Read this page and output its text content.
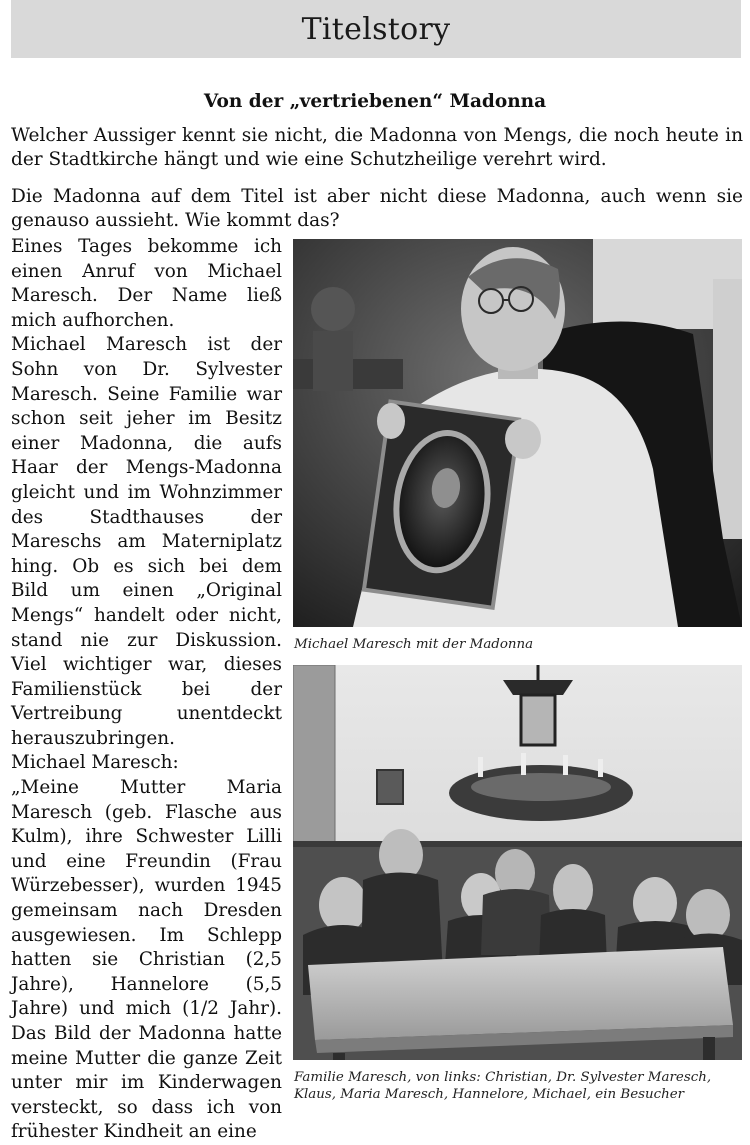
Titelstory
Von der „vertriebenen“ Madonna

Welcher Aussiger kennt sie nicht, die Madonna von Mengs, die noch heute in der Stadtkirche hängt und wie eine Schutzheilige verehrt wird.

Die Madonna auf dem Titel ist aber nicht diese Madonna, auch wenn sie genauso aussieht. Wie kommt das?

Eines Tages bekomme ich einen Anruf von Michael Maresch. Der Name ließ mich aufhorchen.

Michael Maresch ist der Sohn von Dr. Sylvester Maresch. Seine Familie war schon seit jeher im Besitz einer Madonna, die aufs Haar der Mengs-Madonna gleicht und im Wohnzimmer des Stadthauses der Mareschs am Materniplatz hing. Ob es sich bei dem Bild um einen „Original Mengs“ handelt oder nicht, stand nie zur Diskussion. Viel wichtiger war, dieses Familienstück bei der Vertreibung unentdeckt herauszubringen.

Michael Maresch:

„Meine Mutter Maria Maresch (geb. Flasche aus Kulm), ihre Schwester Lilli und eine Freundin (Frau Würzebesser), wurden 1945 gemeinsam nach Dresden ausgewiesen. Im Schlepp hatten sie Christian (2,5 Jahre), Hannelore (5,5 Jahre) und mich (1/2 Jahr). Das Bild der Madonna hatte meine Mutter die ganze Zeit unter mir im Kinderwagen versteckt, so dass ich von frühester Kindheit an eine

Michael Maresch mit der Madonna
Familie Maresch, von links: Christian, Dr. Sylvester Maresch, Klaus, Maria Maresch, Hannelore, Michael, ein Besucher
